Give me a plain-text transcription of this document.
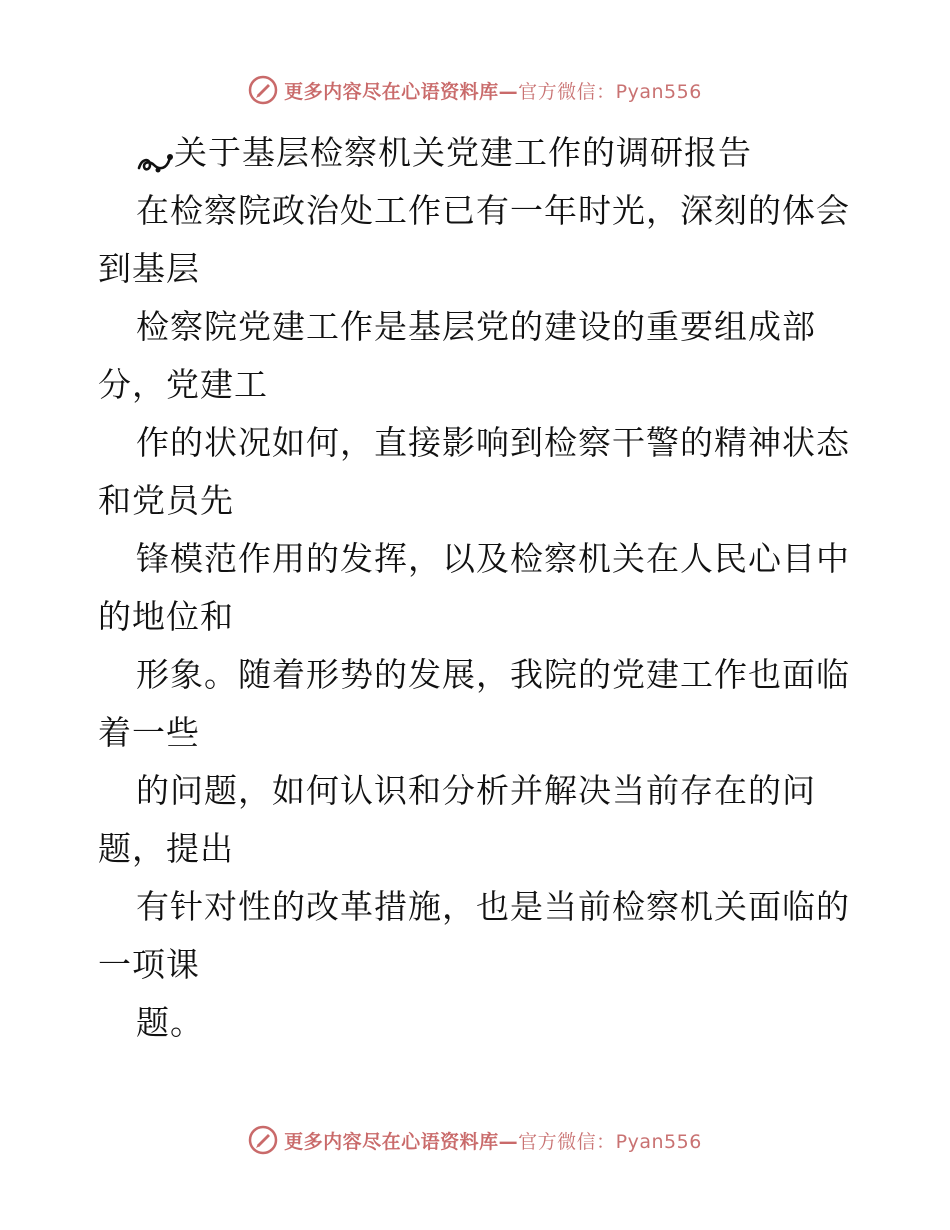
更多内容尽在心语资料库—官方微信：Pyan556
关于基层检察机关党建工作的调研报告
在检察院政治处工作已有一年时光，深刻的体会
到基层
检察院党建工作是基层党的建设的重要组成部
分，党建工
作的状况如何，直接影响到检察干警的精神状态
和党员先
锋模范作用的发挥，以及检察机关在人民心目中
的地位和
形象。随着形势的发展，我院的党建工作也面临
着一些
的问题，如何认识和分析并解决当前存在的问
题，提出
有针对性的改革措施，也是当前检察机关面临的
一项课
题。
更多内容尽在心语资料库—官方微信：Pyan556
